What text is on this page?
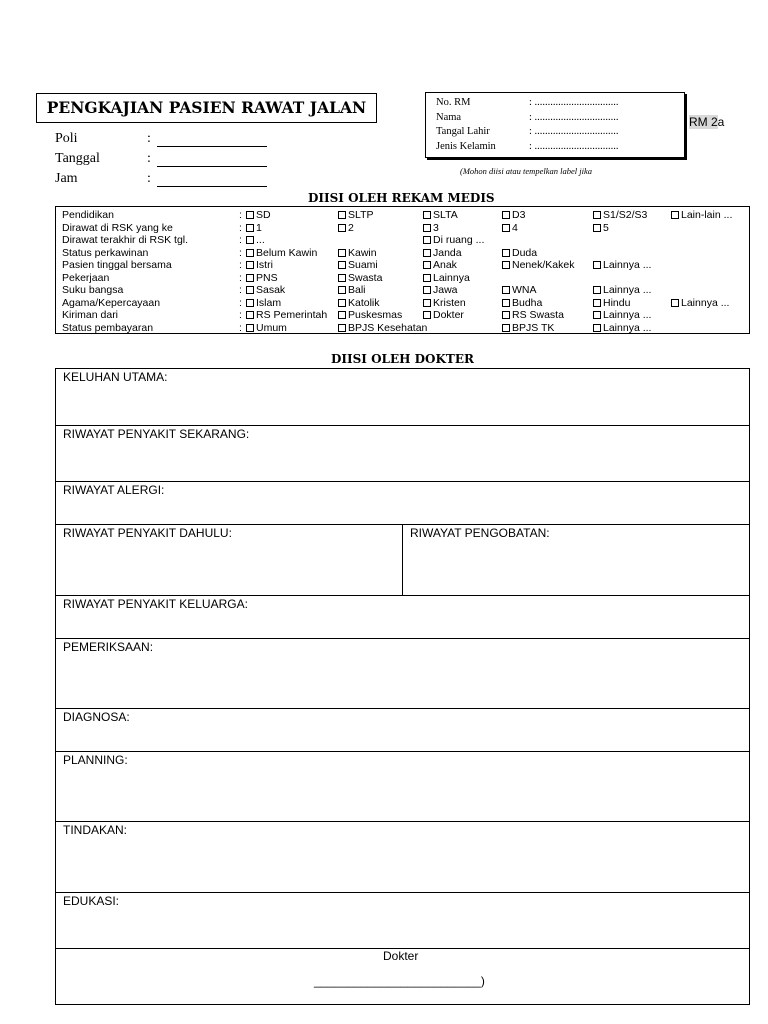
PENGKAJIAN PASIEN RAWAT JALAN
Poli	:
Tanggal	:
Jam	:
No. RM	: ................................
Nama	: ................................
Tangal Lahir	: ................................
Jenis Kelamin	: ................................
RM 2a
(Mohon diisi atau tempelkan label jika
DIISI OLEH REKAM MEDIS
Pendidikan	:	SD	SLTP	SLTA	D3	S1/S2/S3	Lain-lain ...
Dirawat di RSK yang ke	:	1	2	3	4	5
Dirawat terakhir di RSK tgl.	:	...	Di ruang ...
Status perkawinan	:	Belum Kawin	Kawin	Janda	Duda
Pasien tinggal bersama	:	Istri	Suami	Anak	Nenek/Kakek	Lainnya ...
Pekerjaan	:	PNS	Swasta	Lainnya
Suku bangsa	:	Sasak	Bali	Jawa	WNA	Lainnya ...
Agama/Kepercayaan	:	Islam	Katolik	Kristen	Budha	Hindu	Lainnya ...
Kiriman dari	:	RS Pemerintah	Puskesmas	Dokter	RS Swasta	Lainnya ...
Status pembayaran	:	Umum	BPJS Kesehatan	BPJS TK	Lainnya ...
DIISI OLEH DOKTER
KELUHAN UTAMA:
RIWAYAT PENYAKIT SEKARANG:
RIWAYAT ALERGI:
RIWAYAT PENYAKIT DAHULU:	RIWAYAT PENGOBATAN:
RIWAYAT PENYAKIT KELUARGA:
PEMERIKSAAN:
DIAGNOSA:
PLANNING:
TINDAKAN:
EDUKASI:
Dokter
_________________________)
